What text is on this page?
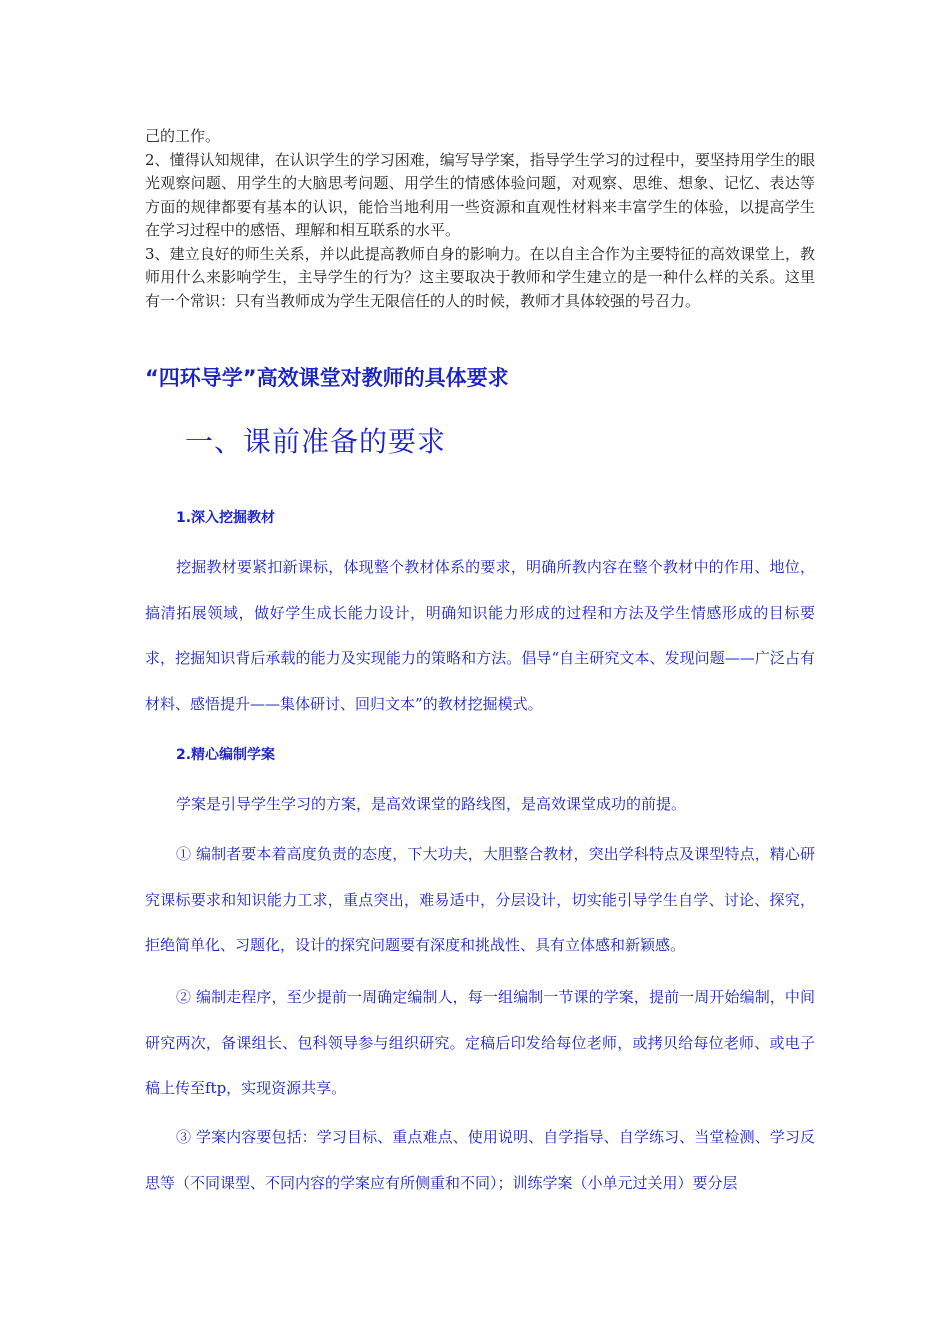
己的工作。

2、懂得认知规律，在认识学生的学习困难，编写导学案，指导学生学习的过程中，要坚持用学生的眼光观察问题、用学生的大脑思考问题、用学生的情感体验问题，对观察、思维、想象、记忆、表达等方面的规律都要有基本的认识，能恰当地利用一些资源和直观性材料来丰富学生的体验，以提高学生在学习过程中的感悟、理解和相互联系的水平。

3、建立良好的师生关系，并以此提高教师自身的影响力。在以自主合作为主要特征的高效课堂上，教师用什么来影响学生，主导学生的行为？这主要取决于教师和学生建立的是一种什么样的关系。这里有一个常识：只有当教师成为学生无限信任的人的时候，教师才具体较强的号召力。

“四环导学”高效课堂对教师的具体要求
一、课前准备的要求
1.深入挖掘教材

挖掘教材要紧扣新课标，体现整个教材体系的要求，明确所教内容在整个教材中的作用、地位，搞清拓展领域，做好学生成长能力设计，明确知识能力形成的过程和方法及学生情感形成的目标要求，挖掘知识背后承载的能力及实现能力的策略和方法。倡导“自主研究文本、发现问题——广泛占有材料、感悟提升——集体研讨、回归文本”的教材挖掘模式。

2.精心编制学案

学案是引导学生学习的方案，是高效课堂的路线图，是高效课堂成功的前提。

① 编制者要本着高度负责的态度，下大功夫，大胆整合教材，突出学科特点及课型特点，精心研究课标要求和知识能力工求，重点突出，难易适中，分层设计，切实能引导学生自学、讨论、探究，拒绝简单化、习题化，设计的探究问题要有深度和挑战性、具有立体感和新颖感。

② 编制走程序，至少提前一周确定编制人，每一组编制一节课的学案，提前一周开始编制，中间研究两次，备课组长、包科领导参与组织研究。定稿后印发给每位老师，或拷贝给每位老师、或电子稿上传至ftp，实现资源共享。

③ 学案内容要包括：学习目标、重点难点、使用说明、自学指导、自学练习、当堂检测、学习反思等（不同课型、不同内容的学案应有所侧重和不同）；训练学案（小单元过关用）要分层
